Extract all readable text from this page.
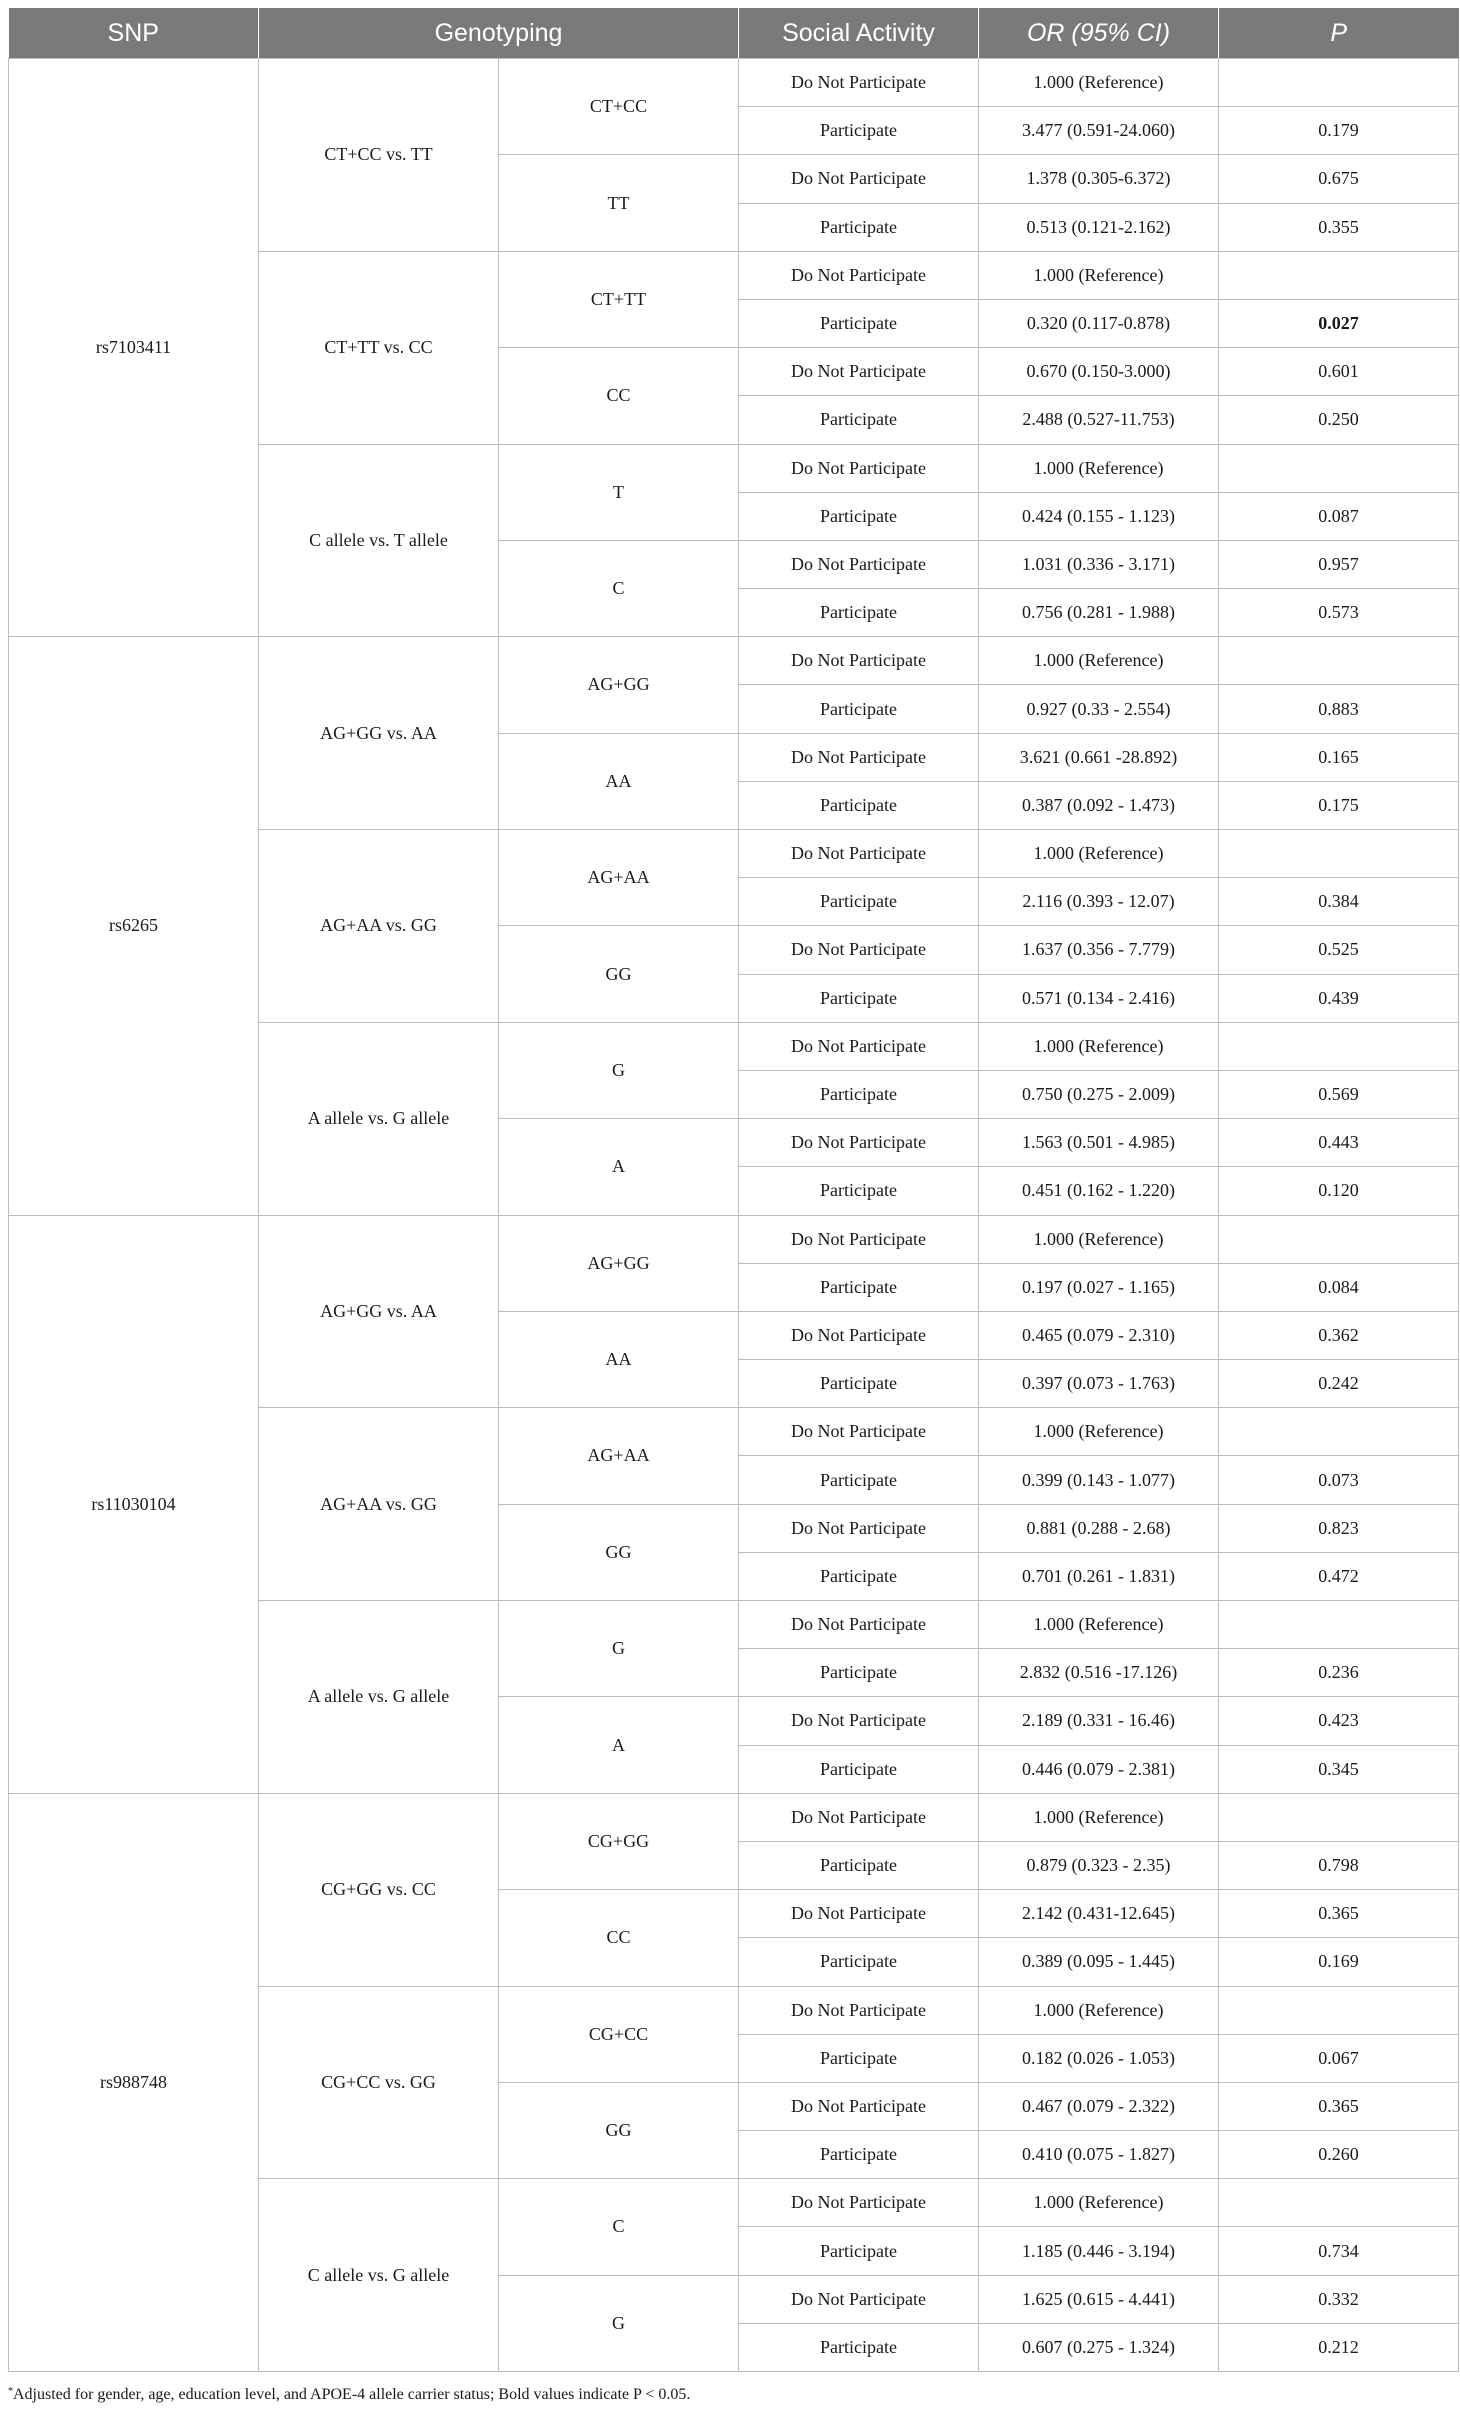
SNP	Genotyping		Social Activity	OR (95% CI)	P
rs7103411	CT+CC vs. TT	CT+CC	Do Not Participate	1.000 (Reference)	
			Participate	3.477 (0.591-24.060)	0.179
		TT	Do Not Participate	1.378 (0.305-6.372)	0.675
			Participate	0.513 (0.121-2.162)	0.355
	CT+TT vs. CC	CT+TT	Do Not Participate	1.000 (Reference)	
			Participate	0.320 (0.117-0.878)	0.027
		CC	Do Not Participate	0.670 (0.150-3.000)	0.601
			Participate	2.488 (0.527-11.753)	0.250
	C allele vs. T allele	T	Do Not Participate	1.000 (Reference)	
			Participate	0.424 (0.155 - 1.123)	0.087
		C	Do Not Participate	1.031 (0.336 - 3.171)	0.957
			Participate	0.756 (0.281 - 1.988)	0.573
rs6265	AG+GG vs. AA	AG+GG	Do Not Participate	1.000 (Reference)	
			Participate	0.927 (0.33 - 2.554)	0.883
		AA	Do Not Participate	3.621 (0.661 -28.892)	0.165
			Participate	0.387 (0.092 - 1.473)	0.175
	AG+AA vs. GG	AG+AA	Do Not Participate	1.000 (Reference)	
			Participate	2.116 (0.393 - 12.07)	0.384
		GG	Do Not Participate	1.637 (0.356 - 7.779)	0.525
			Participate	0.571 (0.134 - 2.416)	0.439
	A allele vs. G allele	G	Do Not Participate	1.000 (Reference)	
			Participate	0.750 (0.275 - 2.009)	0.569
		A	Do Not Participate	1.563 (0.501 - 4.985)	0.443
			Participate	0.451 (0.162 - 1.220)	0.120
rs11030104	AG+GG vs. AA	AG+GG	Do Not Participate	1.000 (Reference)	
			Participate	0.197 (0.027 - 1.165)	0.084
		AA	Do Not Participate	0.465 (0.079 - 2.310)	0.362
			Participate	0.397 (0.073 - 1.763)	0.242
	AG+AA vs. GG	AG+AA	Do Not Participate	1.000 (Reference)	
			Participate	0.399 (0.143 - 1.077)	0.073
		GG	Do Not Participate	0.881 (0.288 - 2.68)	0.823
			Participate	0.701 (0.261 - 1.831)	0.472
	A allele vs. G allele	G	Do Not Participate	1.000 (Reference)	
			Participate	2.832 (0.516 -17.126)	0.236
		A	Do Not Participate	2.189 (0.331 - 16.46)	0.423
			Participate	0.446 (0.079 - 2.381)	0.345
rs988748	CG+GG vs. CC	CG+GG	Do Not Participate	1.000 (Reference)	
			Participate	0.879 (0.323 - 2.35)	0.798
		CC	Do Not Participate	2.142 (0.431-12.645)	0.365
			Participate	0.389 (0.095 - 1.445)	0.169
	CG+CC vs. GG	CG+CC	Do Not Participate	1.000 (Reference)	
			Participate	0.182 (0.026 - 1.053)	0.067
		GG	Do Not Participate	0.467 (0.079 - 2.322)	0.365
			Participate	0.410 (0.075 - 1.827)	0.260
	C allele vs. G allele	C	Do Not Participate	1.000 (Reference)	
			Participate	1.185 (0.446 - 3.194)	0.734
		G	Do Not Participate	1.625 (0.615 - 4.441)	0.332
			Participate	0.607 (0.275 - 1.324)	0.212
*Adjusted for gender, age, education level, and APOE-4 allele carrier status; Bold values indicate P < 0.05.
